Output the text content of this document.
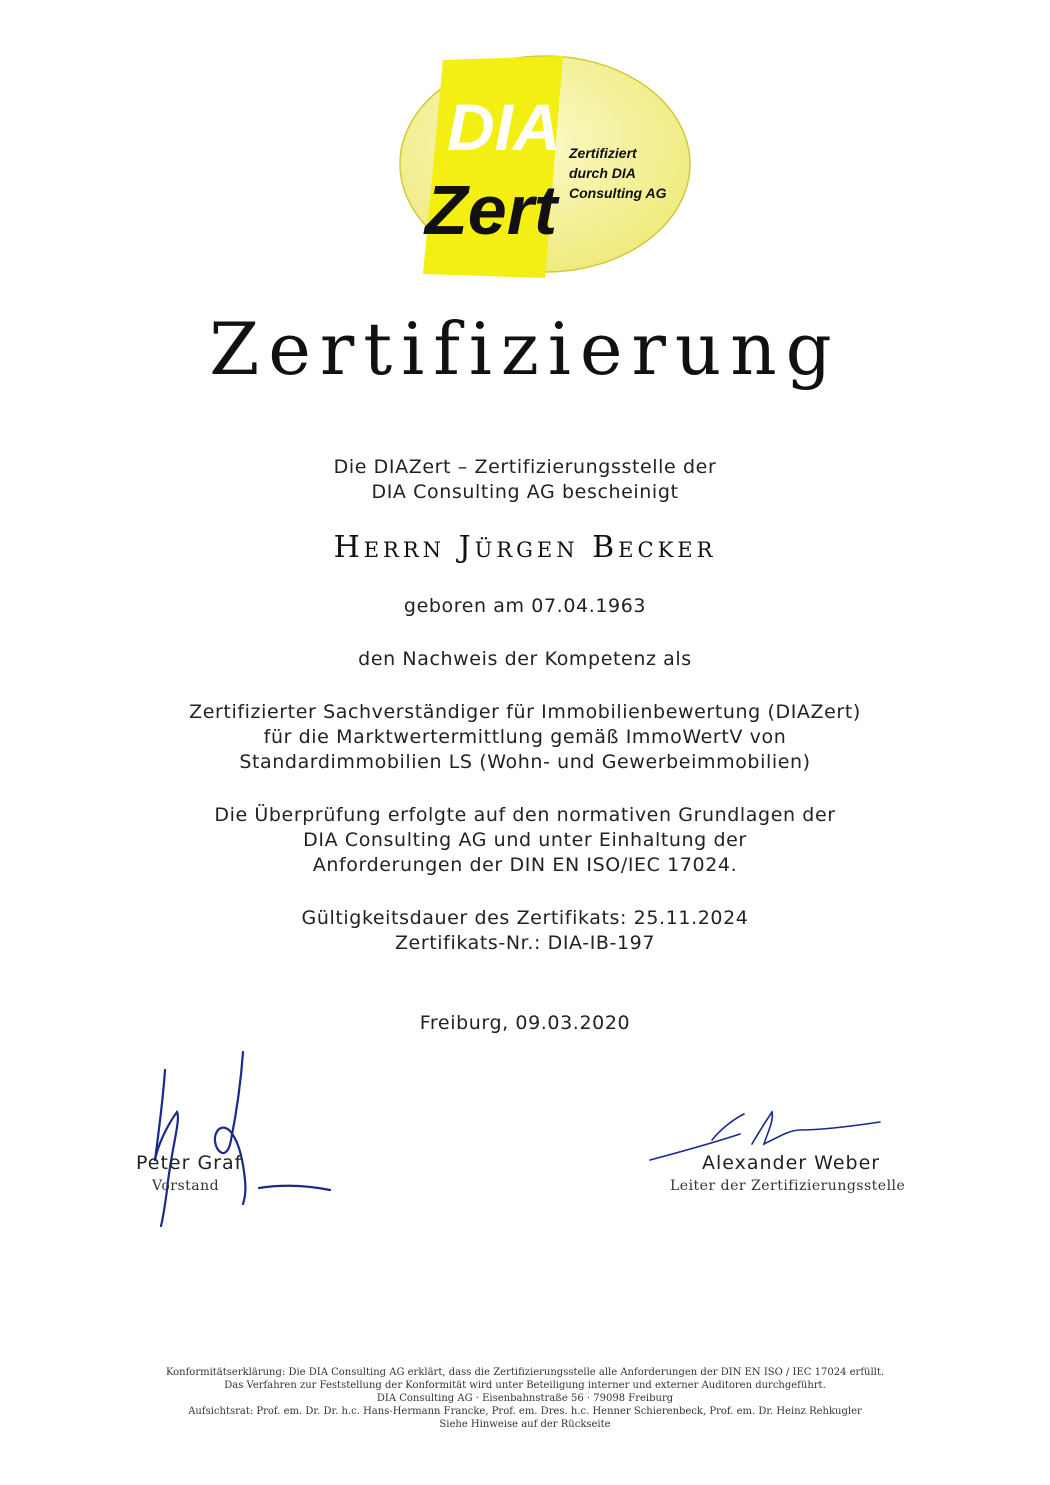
DIA
Zert
Zertifiziert
durch DIA
Consulting AG
Zertifizierung
Die DIAZert – Zertifizierungsstelle der
DIA Consulting AG bescheinigt
Herrn Jürgen Becker
geboren am 07.04.1963
den Nachweis der Kompetenz als
Zertifizierter Sachverständiger für Immobilienbewertung (DIAZert)
für die Marktwertermittlung gemäß ImmoWertV von
Standardimmobilien LS (Wohn- und Gewerbeimmobilien)
Die Überprüfung erfolgte auf den normativen Grundlagen der
DIA Consulting AG und unter Einhaltung der
Anforderungen der DIN EN ISO/IEC 17024.
Gültigkeitsdauer des Zertifikats: 25.11.2024
Zertifikats-Nr.: DIA-IB-197
Freiburg, 09.03.2020
Peter Graf
Vorstand
Alexander Weber
Leiter der Zertifizierungsstelle
Konformitätserklärung: Die DIA Consulting AG erklärt, dass die Zertifizierungsstelle alle Anforderungen der DIN EN ISO / IEC 17024 erfüllt.
Das Verfahren zur Feststellung der Konformität wird unter Beteiligung interner und externer Auditoren durchgeführt.
DIA Consulting AG · Eisenbahnstraße 56 · 79098 Freiburg
Aufsichtsrat: Prof. em. Dr. Dr. h.c. Hans-Hermann Francke, Prof. em. Dres. h.c. Henner Schierenbeck, Prof. em. Dr. Heinz Rehkugler
Siehe Hinweise auf der Rückseite
